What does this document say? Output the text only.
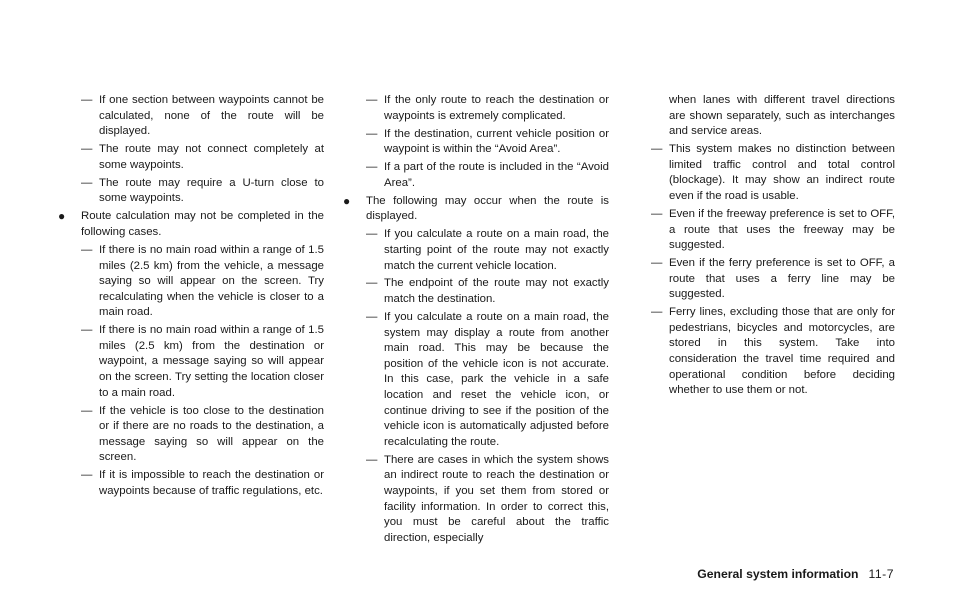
— If one section between waypoints cannot be calculated, none of the route will be displayed.
— The route may not connect completely at some waypoints.
— The route may require a U-turn close to some waypoints.
●	Route calculation may not be completed in the following cases.
— If there is no main road within a range of 1.5 miles (2.5 km) from the vehicle, a message saying so will appear on the screen. Try recalculating when the vehicle is closer to a main road.
— If there is no main road within a range of 1.5 miles (2.5 km) from the destination or waypoint, a message saying so will appear on the screen. Try setting the location closer to a main road.
— If the vehicle is too close to the destination or if there are no roads to the destination, a message saying so will appear on the screen.
— If it is impossible to reach the destination or waypoints because of traffic regulations, etc.
— If the only route to reach the destination or waypoints is extremely complicated.
— If the destination, current vehicle position or waypoint is within the “Avoid Area”.
— If a part of the route is included in the “Avoid Area”.
●	The following may occur when the route is displayed.
— If you calculate a route on a main road, the starting point of the route may not exactly match the current vehicle location.
— The endpoint of the route may not exactly match the destination.
— If you calculate a route on a main road, the system may display a route from another main road. This may be because the position of the vehicle icon is not accurate. In this case, park the vehicle in a safe location and reset the vehicle icon, or continue driving to see if the position of the vehicle icon is automatically adjusted before recalculating the route.
— There are cases in which the system shows an indirect route to reach the destination or waypoints, if you set them from stored or facility information. In order to correct this, you must be careful about the traffic direction, especially
when lanes with different travel directions are shown separately, such as interchanges and service areas.
— This system makes no distinction between limited traffic control and total control (blockage). It may show an indirect route even if the road is usable.
— Even if the freeway preference is set to OFF, a route that uses the freeway may be suggested.
— Even if the ferry preference is set to OFF, a route that uses a ferry line may be suggested.
— Ferry lines, excluding those that are only for pedestrians, bicycles and motorcycles, are stored in this system. Take into consideration the travel time required and operational condition before deciding whether to use them or not.
General system information 11-7
